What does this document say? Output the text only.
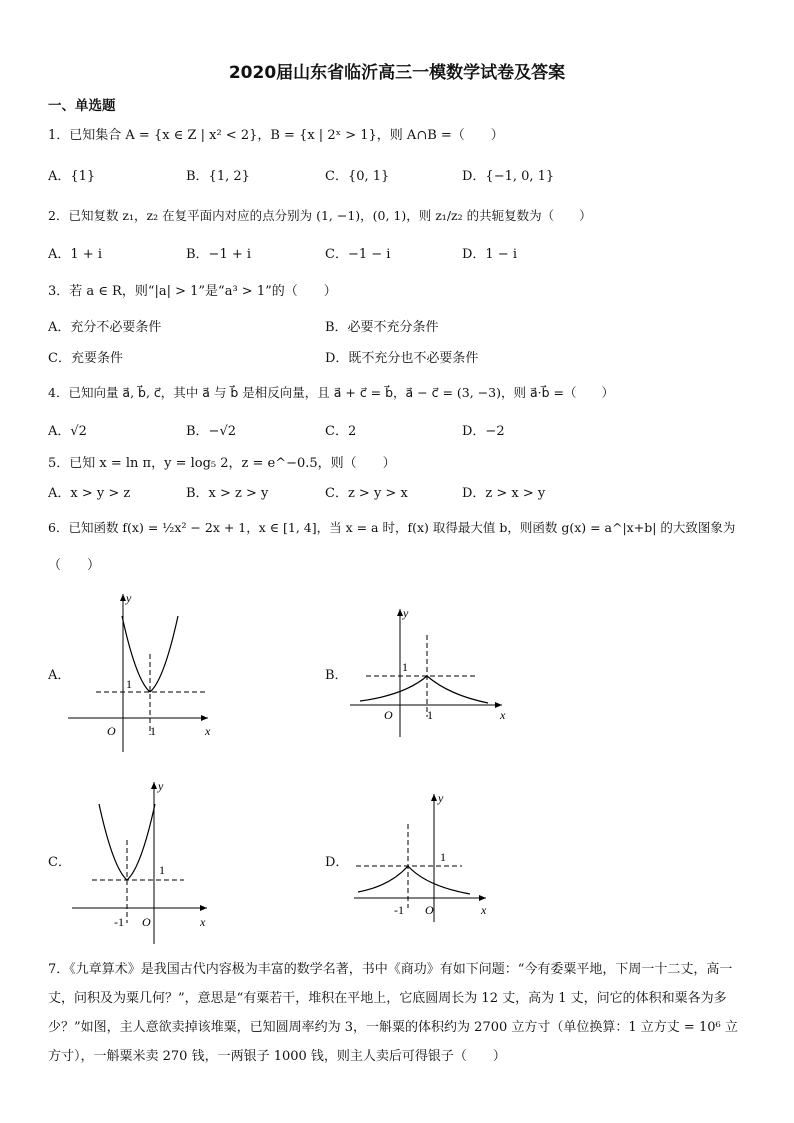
2020届山东省临沂高三一模数学试卷及答案
一、单选题
1．已知集合 A = {x ∈ Z | x² < 2}，B = {x | 2ˣ > 1}，则 A∩B =（　　）
A．{1}	B．{1, 2}	C．{0, 1}	D．{−1, 0, 1}
2．已知复数 z₁，z₂ 在复平面内对应的点分别为 (1, −1)，(0, 1)，则 z₁/z₂ 的共轭复数为（　　）
A．1 + i	B．−1 + i	C．−1 − i	D．1 − i
3．若 a ∈ R，则“|a| > 1”是“a³ > 1”的（　　）
A．充分不必要条件	B．必要不充分条件
C．充要条件	D．既不充分也不必要条件
4．已知向量 a⃗, b⃗, c⃗，其中 a⃗ 与 b⃗ 是相反向量，且 a⃗ + c⃗ = b⃗，a⃗ − c⃗ = (3, −3)，则 a⃗·b⃗ =（　　）
A．√2	B．−√2	C．2	D．−2
5．已知 x = ln π，y = log₅ 2，z = e^−0.5，则（　　）
A．x > y > z	B．x > z > y	C．z > y > x	D．z > x > y
6．已知函数 f(x) = ½x² − 2x + 1，x ∈ [1, 4]，当 x = a 时，f(x) 取得最大值 b，则函数 g(x) = a^|x+b| 的大致图象为
（　　）
A．
y
x
O	1
1
B．
y
x
O	1
1
C．
y
x
O
-1
1	D．
y
x
O
-1
1
7．《九章算术》是我国古代内容极为丰富的数学名著，书中《商功》有如下问题：“今有委粟平地，下周一十二丈，高一丈，问积及为粟几何？”，意思是“有粟若干，堆积在平地上，它底圆周长为 12 丈，高为 1 丈，问它的体积和粟各为多少？”如图，主人意欲卖掉该堆粟，已知圆周率约为 3，一斛粟的体积约为 2700 立方寸（单位换算：1 立方丈 = 10⁶ 立方寸），一斛粟米卖 270 钱，一两银子 1000 钱，则主人卖后可得银子（　　）
